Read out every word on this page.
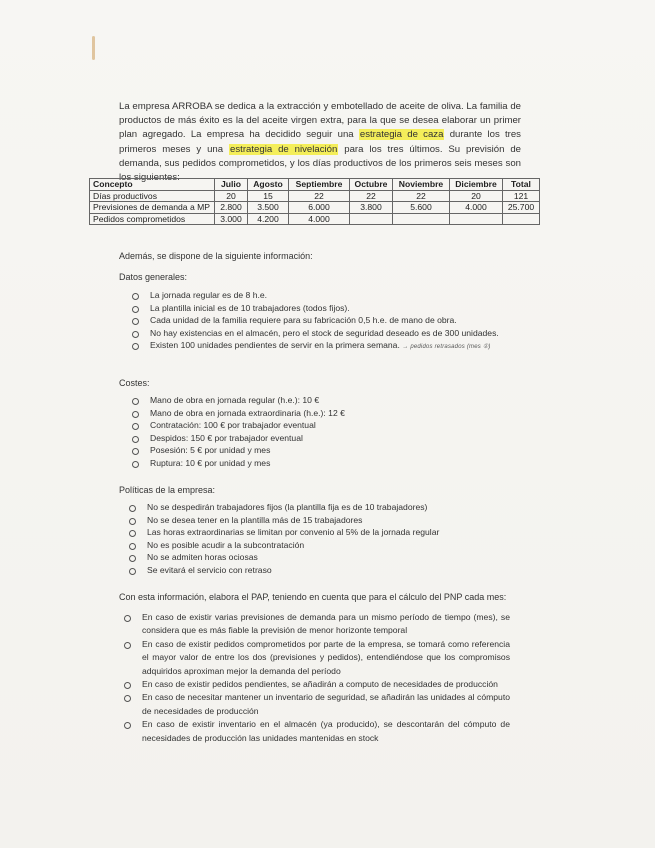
La empresa ARROBA se dedica a la extracción y embotellado de aceite de oliva. La familia de productos de más éxito es la del aceite virgen extra, para la que se desea elaborar un primer plan agregado. La empresa ha decidido seguir una estrategia de caza durante los tres primeros meses y una estrategia de nivelación para los tres últimos. Su previsión de demanda, sus pedidos comprometidos, y los días productivos de los primeros seis meses son los siguientes:
Concepto	Julio	Agosto	Septiembre	Octubre	Noviembre	Diciembre	Total
Días productivos	20	15	22	22	22	20	121
Previsiones de demanda a MP	2.800	3.500	6.000	3.800	5.600	4.000	25.700
Pedidos comprometidos	3.000	4.200	4.000				
Además, se dispone de la siguiente información:
Datos generales:
La jornada regular es de 8 h.e.
La plantilla inicial es de 10 trabajadores (todos fijos).
Cada unidad de la familia requiere para su fabricación 0,5 h.e. de mano de obra.
No hay existencias en el almacén, pero el stock de seguridad deseado es de 300 unidades.
Existen 100 unidades pendientes de servir en la primera semana. → pedidos retrasados (mes ①)
Costes:
Mano de obra en jornada regular (h.e.): 10 €
Mano de obra en jornada extraordinaria (h.e.): 12 €
Contratación: 100 € por trabajador eventual
Despidos: 150 € por trabajador eventual
Posesión: 5 € por unidad y mes
Ruptura: 10 € por unidad y mes
Políticas de la empresa:
No se despedirán trabajadores fijos (la plantilla fija es de 10 trabajadores)
No se desea tener en la plantilla más de 15 trabajadores
Las horas extraordinarias se limitan por convenio al 5% de la jornada regular
No es posible acudir a la subcontratación
No se admiten horas ociosas
Se evitará el servicio con retraso
Con esta información, elabora el PAP, teniendo en cuenta que para el cálculo del PNP cada mes:
En caso de existir varias previsiones de demanda para un mismo período de tiempo (mes), se considera que es más fiable la previsión de menor horizonte temporal
En caso de existir pedidos comprometidos por parte de la empresa, se tomará como referencia el mayor valor de entre los dos (previsiones y pedidos), entendiéndose que los compromisos adquiridos aproximan mejor la demanda del período
En caso de existir pedidos pendientes, se añadirán a computo de necesidades de producción
En caso de necesitar mantener un inventario de seguridad, se añadirán las unidades al cómputo de necesidades de producción
En caso de existir inventario en el almacén (ya producido), se descontarán del cómputo de necesidades de producción las unidades mantenidas en stock
